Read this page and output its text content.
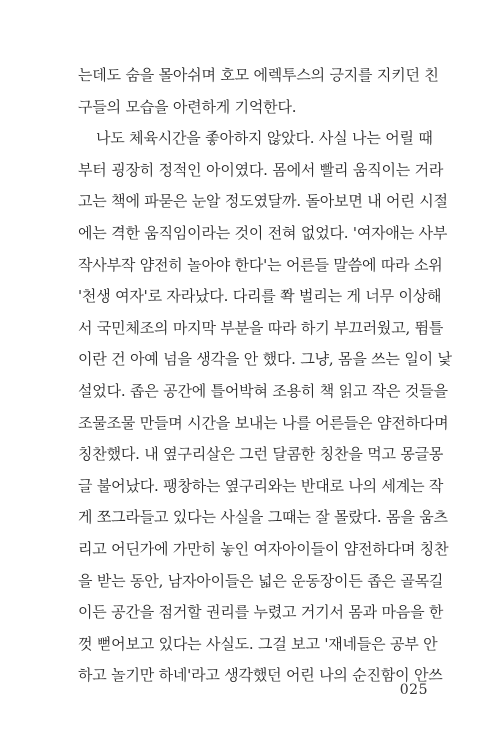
는데도 숨을 몰아쉬며 호모 에렉투스의 긍지를 지키던 친
구들의 모습을 아련하게 기억한다.
나도 체육시간을 좋아하지 않았다. 사실 나는 어릴 때
부터 굉장히 정적인 아이였다. 몸에서 빨리 움직이는 거라
고는 책에 파묻은 눈알 정도였달까. 돌아보면 내 어린 시절
에는 격한 움직임이라는 것이 전혀 없었다. '여자애는 사부
작사부작 얌전히 놀아야 한다'는 어른들 말씀에 따라 소위
'천생 여자'로 자라났다. 다리를 쫙 벌리는 게 너무 이상해
서 국민체조의 마지막 부분을 따라 하기 부끄러웠고, 뜀틀
이란 건 아예 넘을 생각을 안 했다. 그냥, 몸을 쓰는 일이 낯
설었다. 좁은 공간에 틀어박혀 조용히 책 읽고 작은 것들을
조물조물 만들며 시간을 보내는 나를 어른들은 얌전하다며
칭찬했다. 내 옆구리살은 그런 달콤한 칭찬을 먹고 몽글몽
글 불어났다. 팽창하는 옆구리와는 반대로 나의 세계는 작
게 쪼그라들고 있다는 사실을 그때는 잘 몰랐다. 몸을 움츠
리고 어딘가에 가만히 놓인 여자아이들이 얌전하다며 칭찬
을 받는 동안, 남자아이들은 넓은 운동장이든 좁은 골목길
이든 공간을 점거할 권리를 누렸고 거기서 몸과 마음을 한
껏 뻗어보고 있다는 사실도. 그걸 보고 '재네들은 공부 안
하고 놀기만 하네'라고 생각했던 어린 나의 순진함이 안쓰
025
